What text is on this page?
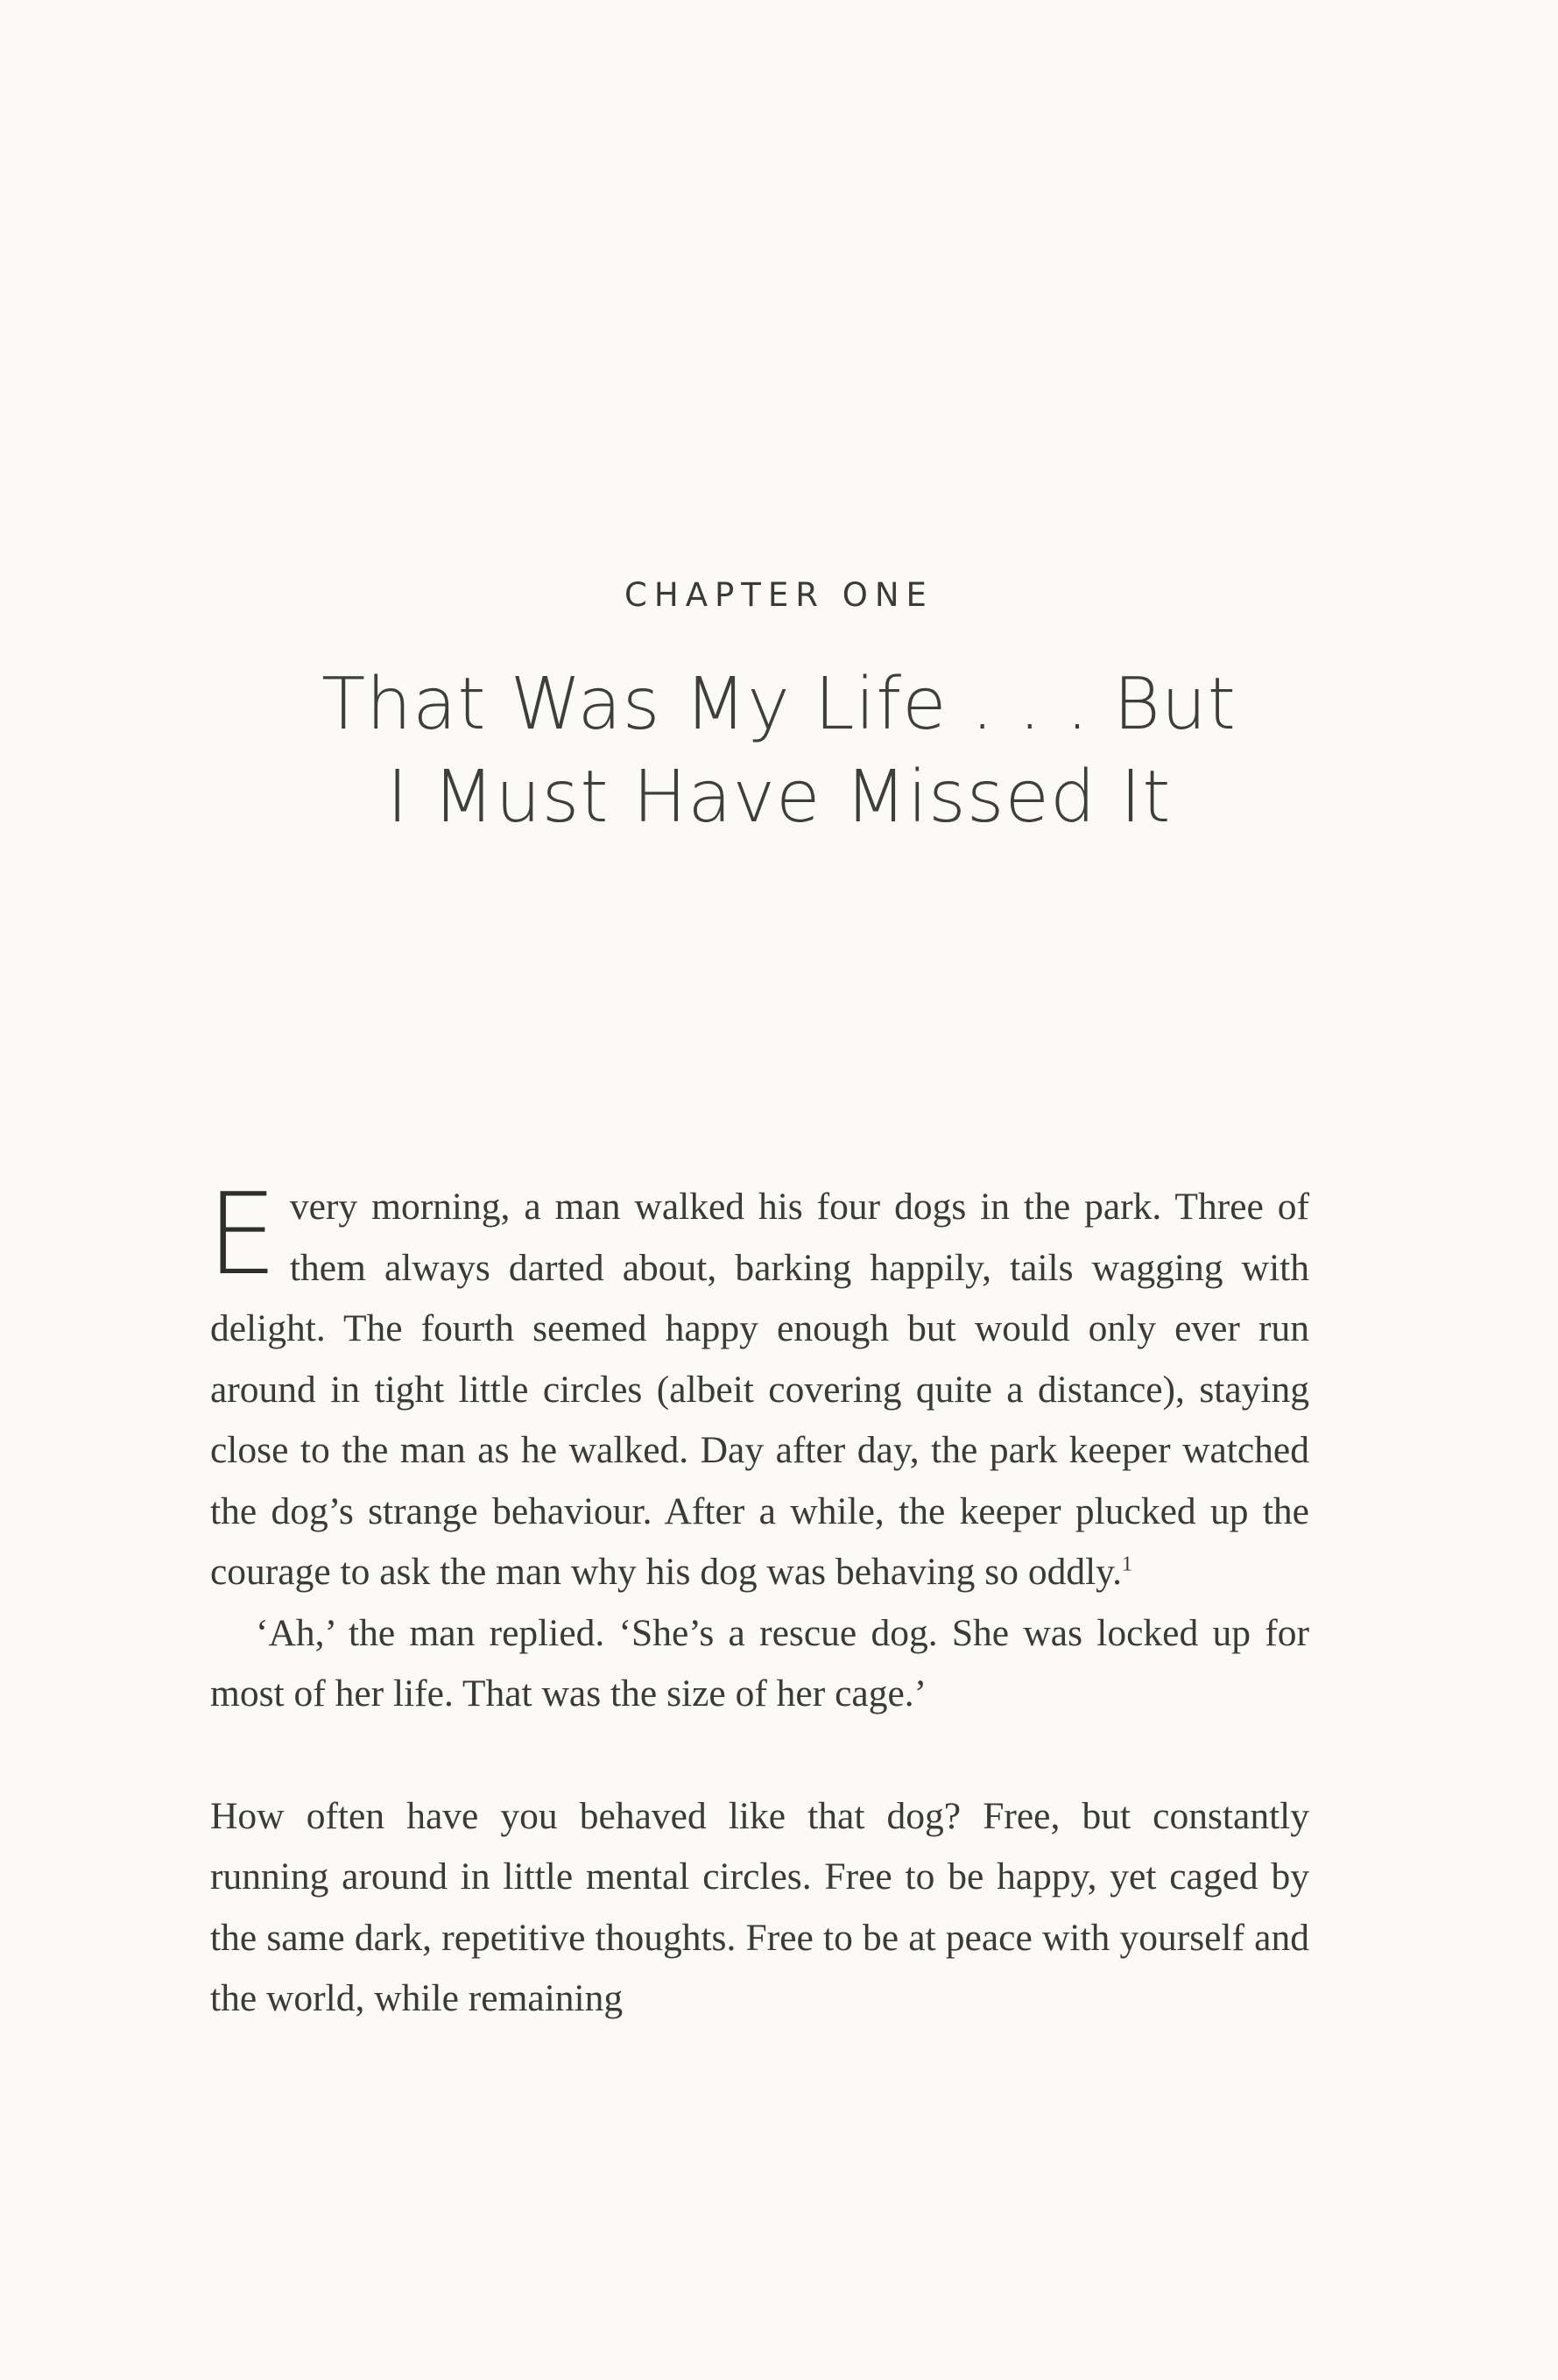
CHAPTER ONE
That Was My Life . . . But
I Must Have Missed It

Every morning, a man walked his four dogs in the park. Three of them always darted about, barking happily, tails wagging with delight. The fourth seemed happy enough but would only ever run around in tight little circles (albeit covering quite a distance), staying close to the man as he walked. Day after day, the park keeper watched the dog’s strange behaviour. After a while, the keeper plucked up the courage to ask the man why his dog was behaving so oddly.$^1$

‘Ah,’ the man replied. ‘She’s a rescue dog. She was locked up for most of her life. That was the size of her cage.’

How often have you behaved like that dog? Free, but constantly running around in little mental circles. Free to be happy, yet caged by the same dark, repetitive thoughts. Free to be at peace with yourself and the world, while remaining
